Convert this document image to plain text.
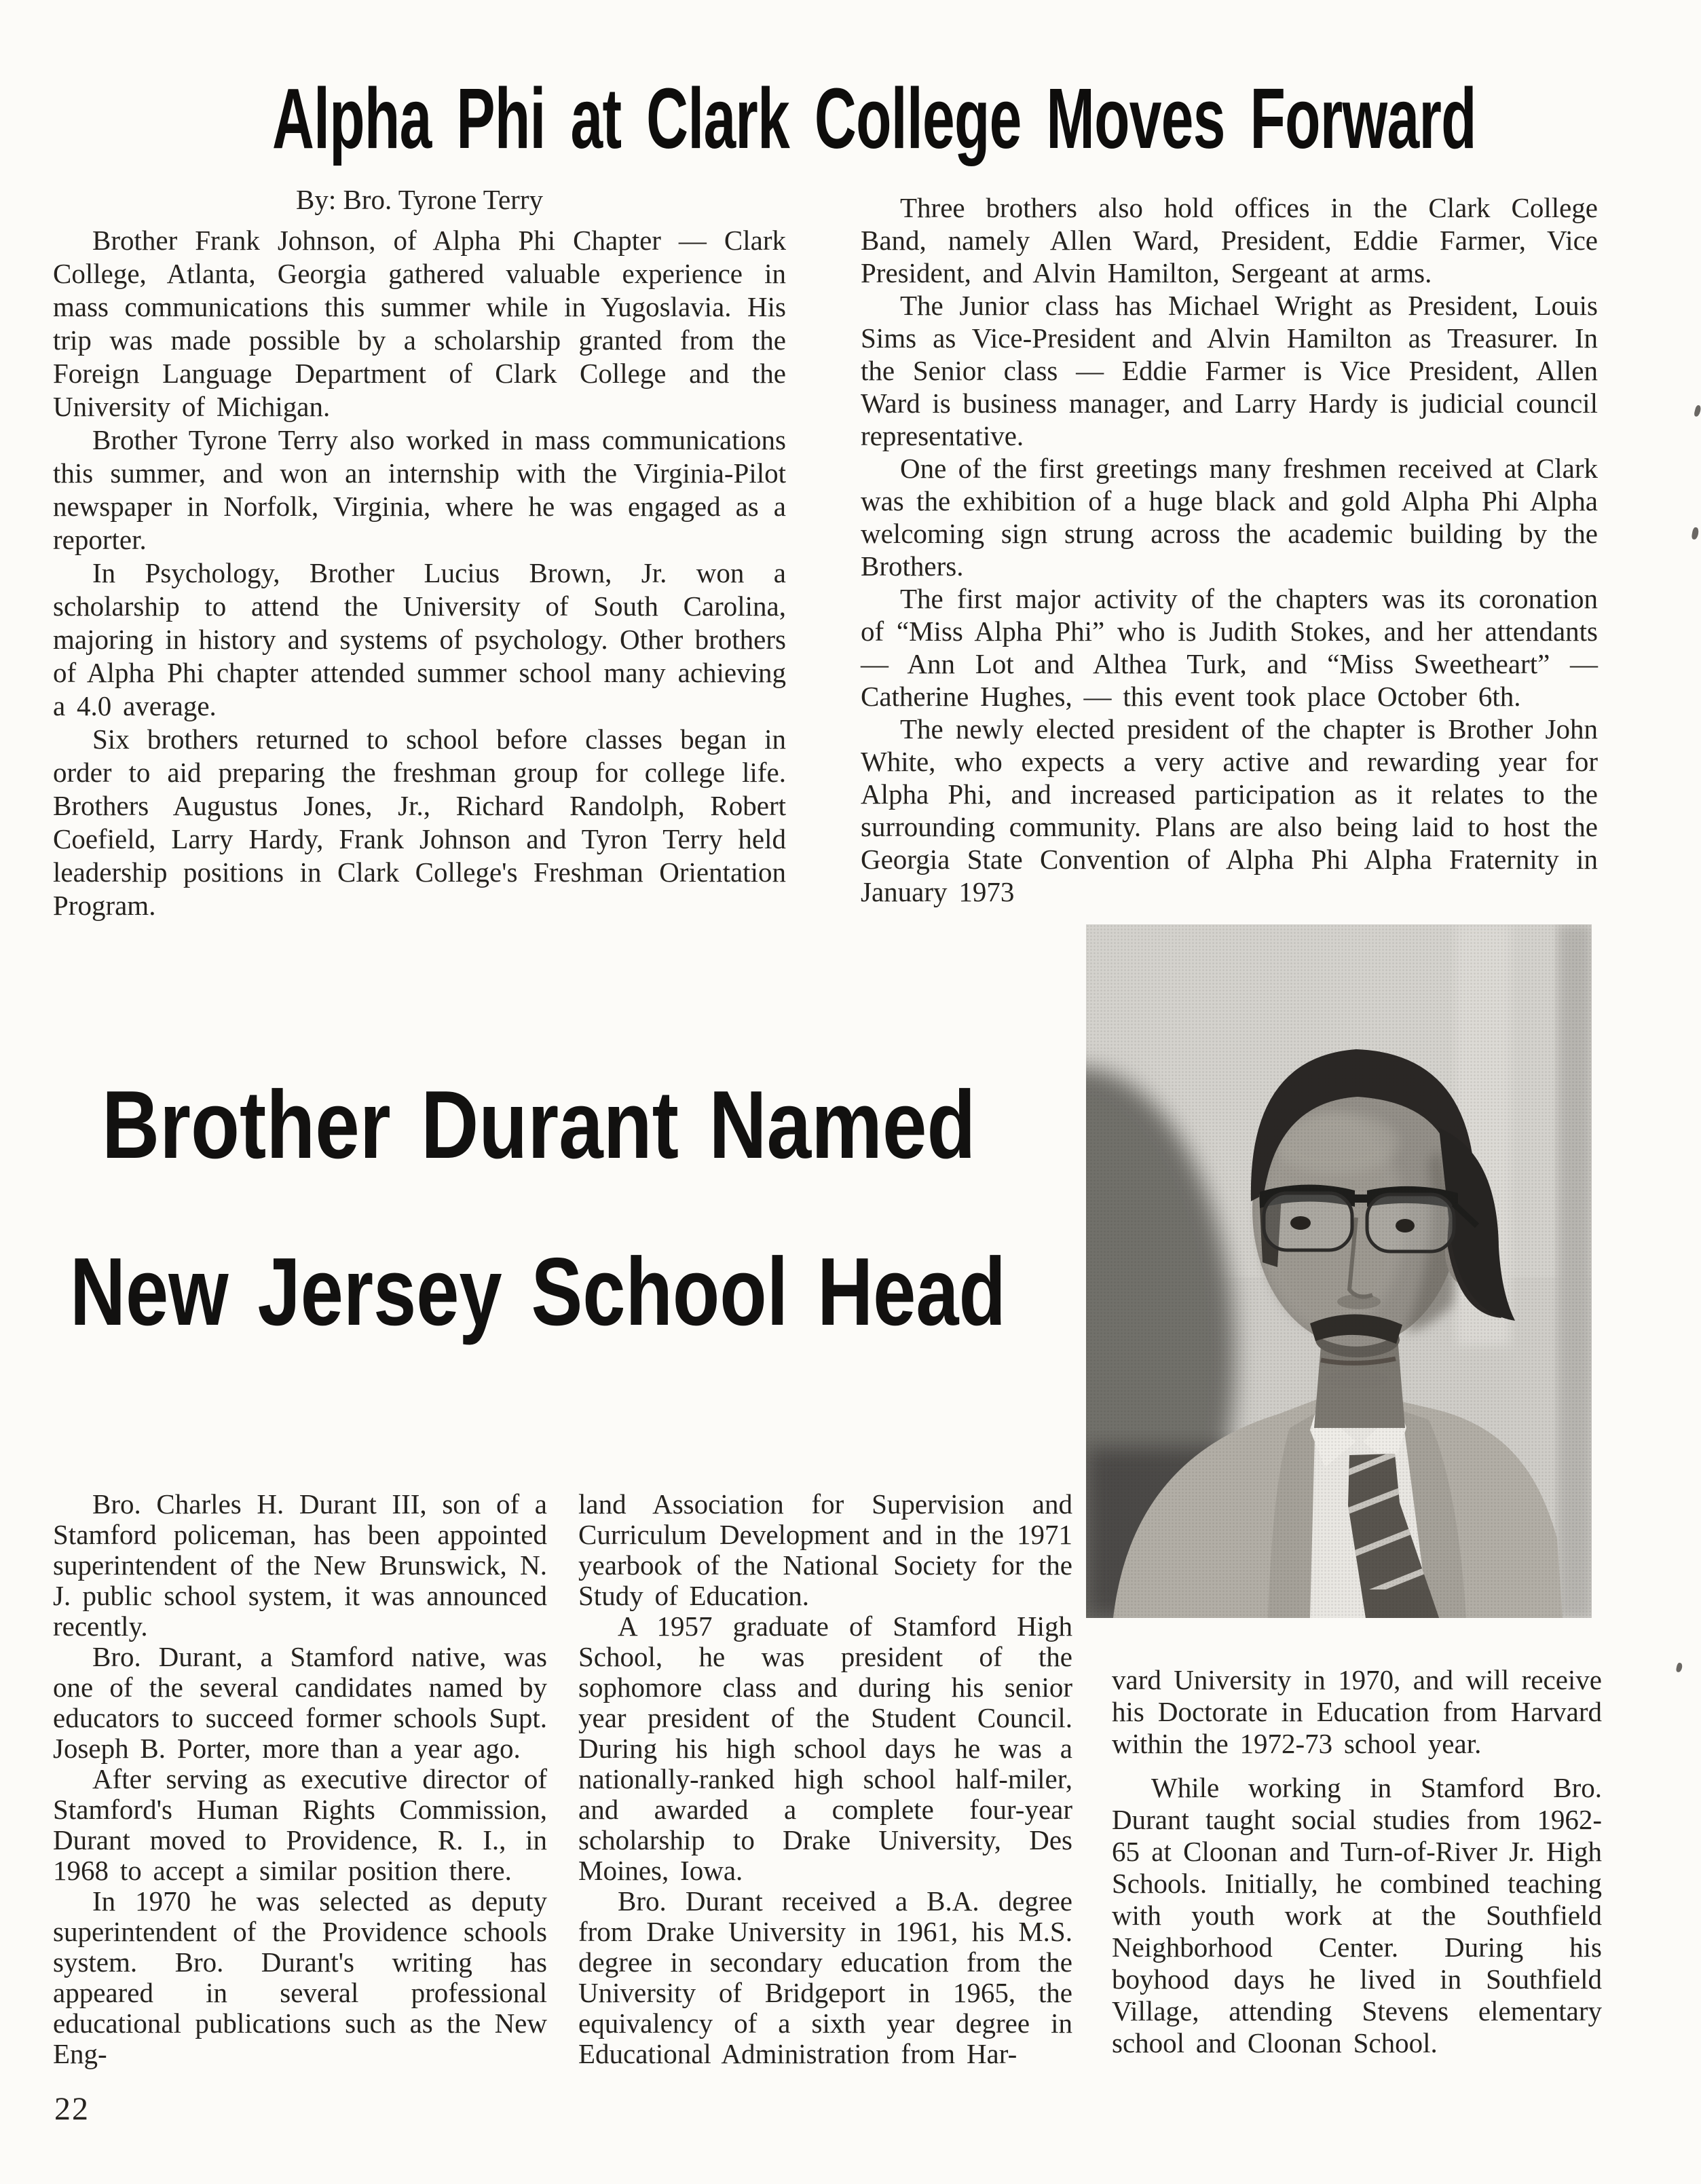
Alpha Phi at Clark College Moves Forward
By: Bro. Tyrone Terry

Brother Frank Johnson, of Alpha Phi Chapter — Clark College, Atlanta, Georgia gathered valuable experience in mass communications this summer while in Yugoslavia. His trip was made possible by a scholarship granted from the Foreign Language Department of Clark College and the University of Michigan.

Brother Tyrone Terry also worked in mass communications this summer, and won an internship with the Virginia-Pilot newspaper in Norfolk, Virginia, where he was engaged as a reporter.

In Psychology, Brother Lucius Brown, Jr. won a scholarship to attend the University of South Carolina, majoring in history and systems of psychology. Other brothers of Alpha Phi chapter attended summer school many achieving a 4.0 average.

Six brothers returned to school before classes began in order to aid preparing the freshman group for college life. Brothers Augustus Jones, Jr., Richard Randolph, Robert Coefield, Larry Hardy, Frank Johnson and Tyron Terry held leadership positions in Clark College's Freshman Orientation Program.

Three brothers also hold offices in the Clark College Band, namely Allen Ward, President, Eddie Farmer, Vice President, and Alvin Hamilton, Sergeant at arms.

The Junior class has Michael Wright as President, Louis Sims as Vice-President and Alvin Hamilton as Treasurer. In the Senior class — Eddie Farmer is Vice President, Allen Ward is business manager, and Larry Hardy is judicial council representative.

One of the first greetings many freshmen received at Clark was the exhibition of a huge black and gold Alpha Phi Alpha welcoming sign strung across the academic building by the Brothers.

The first major activity of the chapters was its coronation of “Miss Alpha Phi” who is Judith Stokes, and her attendants — Ann Lot and Althea Turk, and “Miss Sweetheart” — Catherine Hughes, — this event took place October 6th.

The newly elected president of the chapter is Brother John White, who expects a very active and rewarding year for Alpha Phi, and increased participation as it relates to the surrounding community. Plans are also being laid to host the Georgia State Convention of Alpha Phi Alpha Fraternity in January 1973

Brother Durant Named
New Jersey School Head

Bro. Charles H. Durant III, son of a Stamford policeman, has been appointed superintendent of the New Brunswick, N. J. public school system, it was announced recently.

Bro. Durant, a Stamford native, was one of the several candidates named by educators to succeed former schools Supt. Joseph B. Porter, more than a year ago.

After serving as executive director of Stamford's Human Rights Commission, Durant moved to Providence, R. I., in 1968 to accept a similar position there.

In 1970 he was selected as deputy superintendent of the Providence schools system. Bro. Durant's writing has appeared in several professional educational publications such as the New Eng-

land Association for Supervision and Curriculum Development and in the 1971 yearbook of the National Society for the Study of Education.

A 1957 graduate of Stamford High School, he was president of the sophomore class and during his senior year president of the Student Council. During his high school days he was a nationally-ranked high school half-miler, and awarded a complete four-year scholarship to Drake University, Des Moines, Iowa.

Bro. Durant received a B.A. degree from Drake University in 1961, his M.S. degree in secondary education from the University of Bridgeport in 1965, the equivalency of a sixth year degree in Educational Administration from Har-

vard University in 1970, and will receive his Doctorate in Education from Harvard within the 1972-73 school year.

While working in Stamford Bro. Durant taught social studies from 1962-65 at Cloonan and Turn-of-River Jr. High Schools. Initially, he combined teaching with youth work at the Southfield Neighborhood Center. During his boyhood days he lived in Southfield Village, attending Stevens elementary school and Cloonan School.

22
